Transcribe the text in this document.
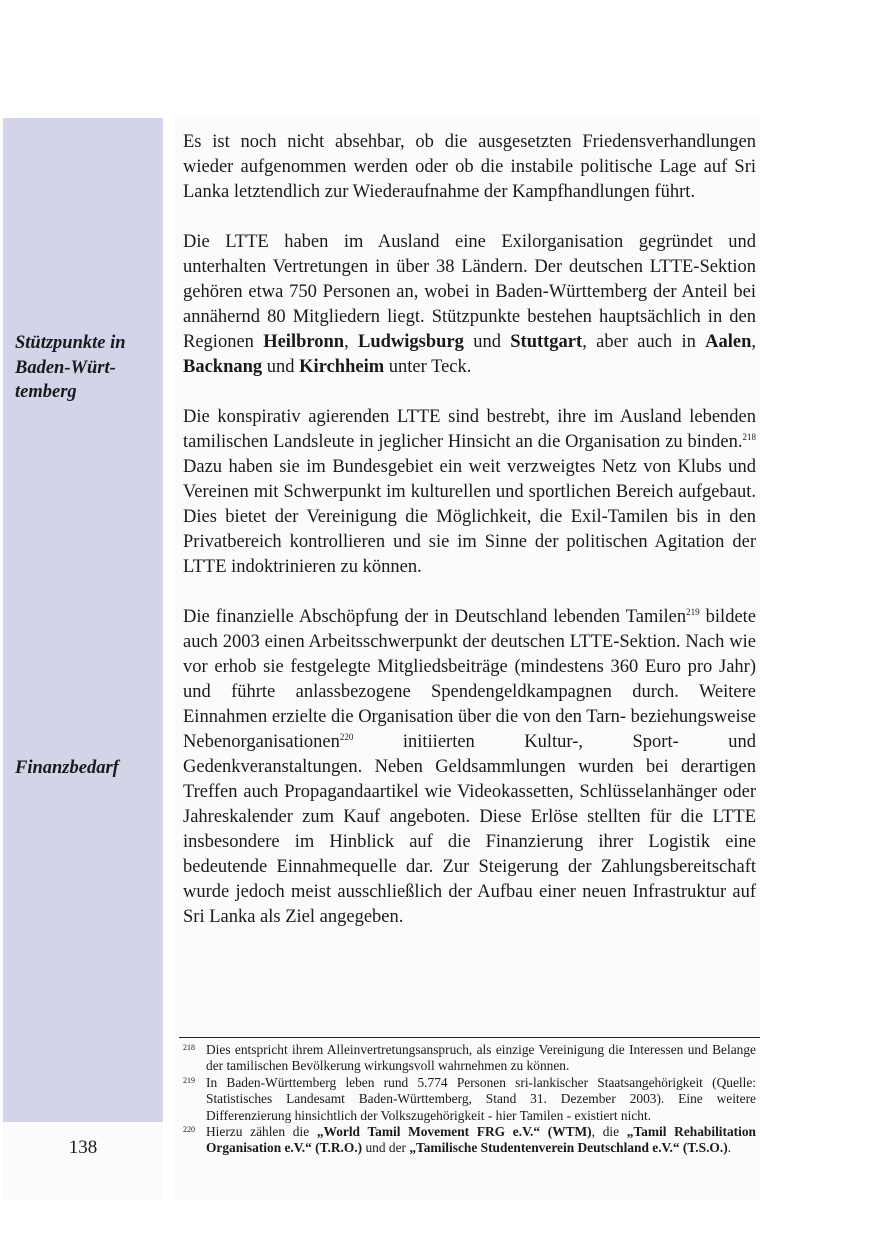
Stützpunkte in
Baden-Würt-
temberg
Finanzbedarf

Es ist noch nicht absehbar, ob die ausgesetzten Friedensverhandlungen wieder aufgenommen werden oder ob die instabile politische Lage auf Sri Lanka letztendlich zur Wiederaufnahme der Kampfhandlungen führt.

Die LTTE haben im Ausland eine Exilorganisation gegründet und unterhalten Vertretungen in über 38 Ländern. Der deutschen LTTE-Sektion gehören etwa 750 Personen an, wobei in Baden-Württemberg der Anteil bei annähernd 80 Mitgliedern liegt. Stützpunkte bestehen hauptsächlich in den Regionen Heilbronn, Ludwigsburg und Stuttgart, aber auch in Aalen, Backnang und Kirchheim unter Teck.

Die konspirativ agierenden LTTE sind bestrebt, ihre im Ausland lebenden tamilischen Landsleute in jeglicher Hinsicht an die Organisation zu binden.$^{218}$ Dazu haben sie im Bundesgebiet ein weit verzweigtes Netz von Klubs und Vereinen mit Schwerpunkt im kulturellen und sportlichen Bereich aufgebaut. Dies bietet der Vereinigung die Möglichkeit, die Exil-Tamilen bis in den Privatbereich kontrollieren und sie im Sinne der politischen Agitation der LTTE indoktrinieren zu können.

Die finanzielle Abschöpfung der in Deutschland lebenden Tamilen$^{219}$ bildete auch 2003 einen Arbeitsschwerpunkt der deutschen LTTE-Sektion. Nach wie vor erhob sie festgelegte Mitgliedsbeiträge (mindestens 360 Euro pro Jahr) und führte anlassbezogene Spendengeldkampagnen durch. Weitere Einnahmen erzielte die Organisation über die von den Tarn- beziehungsweise Nebenorganisationen$^{220}$ initiierten Kultur-, Sport- und Gedenkveranstaltungen. Neben Geldsammlungen wurden bei derartigen Treffen auch Propagandaartikel wie Videokassetten, Schlüsselanhänger oder Jahreskalender zum Kauf angeboten. Diese Erlöse stellten für die LTTE insbesondere im Hinblick auf die Finanzierung ihrer Logistik eine bedeutende Einnahmequelle dar. Zur Steigerung der Zahlungsbereitschaft wurde jedoch meist ausschließlich der Aufbau einer neuen Infrastruktur auf Sri Lanka als Ziel angegeben.

218 Dies entspricht ihrem Alleinvertretungsanspruch, als einzige Vereinigung die Interessen und Belange der tamilischen Bevölkerung wirkungsvoll wahrnehmen zu können.
219 In Baden-Württemberg leben rund 5.774 Personen sri-lankischer Staatsangehörigkeit (Quelle: Statistisches Landesamt Baden-Württemberg, Stand 31. Dezember 2003). Eine weitere Differenzierung hinsichtlich der Volkszugehörigkeit - hier Tamilen - existiert nicht.
220 Hierzu zählen die „World Tamil Movement FRG e.V.“ (WTM), die „Tamil Rehabilitation Organisation e.V.“ (T.R.O.) und der „Tamilische Studentenverein Deutschland e.V.“ (T.S.O.).
138
